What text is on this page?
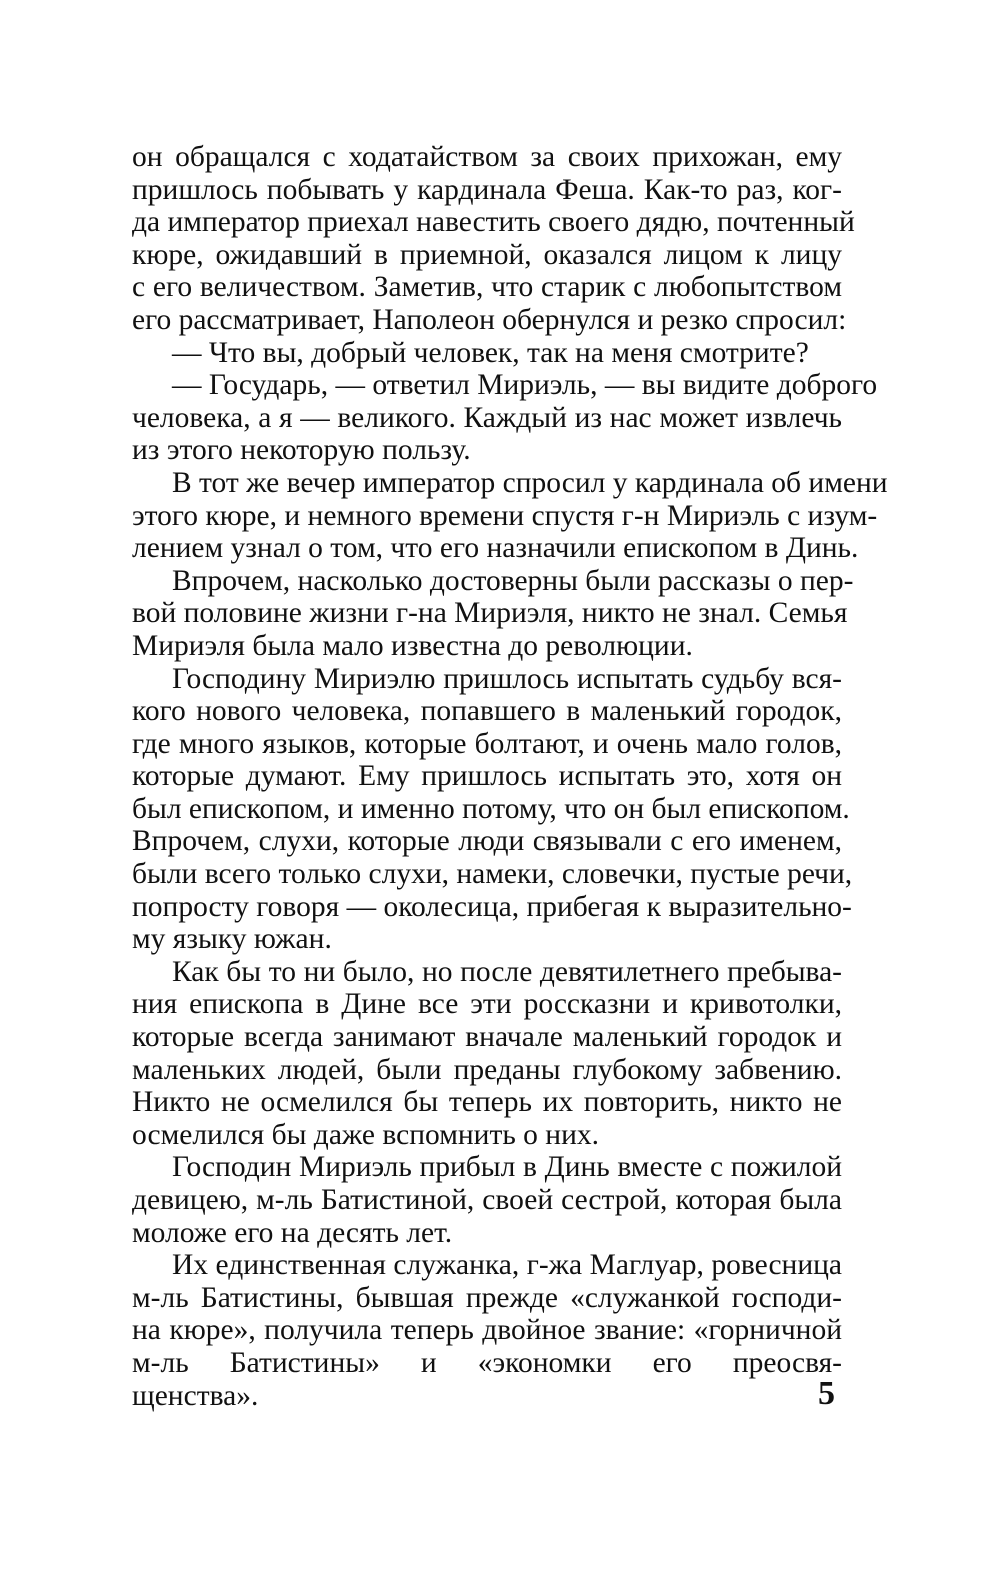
он обращался с ходатайством за своих прихожан, ему
пришлось побывать у кардинала Феша. Как-то раз, ког-
да император приехал навестить своего дядю, почтенный
кюре, ожидавший в приемной, оказался лицом к лицу
с его величеством. Заметив, что старик с любопытством
его рассматривает, Наполеон обернулся и резко спросил:
— Что вы, добрый человек, так на меня смотрите?
— Государь, — ответил Мириэль, — вы видите доброго
человека, а я — великого. Каждый из нас может извлечь
из этого некоторую пользу.
В тот же вечер император спросил у кардинала об имени
этого кюре, и немного времени спустя г-н Мириэль с изум-
лением узнал о том, что его назначили епископом в Динь.
Впрочем, насколько достоверны были рассказы о пер-
вой половине жизни г-на Мириэля, никто не знал. Семья
Мириэля была мало известна до революции.
Господину Мириэлю пришлось испытать судьбу вся-
кого нового человека, попавшего в маленький городок,
где много языков, которые болтают, и очень мало голов,
которые думают. Ему пришлось испытать это, хотя он
был епископом, и именно потому, что он был епископом.
Впрочем, слухи, которые люди связывали с его именем,
были всего только слухи, намеки, словечки, пустые речи,
попросту говоря — околесица, прибегая к выразительно-
му языку южан.
Как бы то ни было, но после девятилетнего пребыва-
ния епископа в Дине все эти россказни и кривотолки,
которые всегда занимают вначале маленький городок и
маленьких людей, были преданы глубокому забвению.
Никто не осмелился бы теперь их повторить, никто не
осмелился бы даже вспомнить о них.
Господин Мириэль прибыл в Динь вместе с пожилой
девицею, м-ль Батистиной, своей сестрой, которая была
моложе его на десять лет.
Их единственная служанка, г-жа Маглуар, ровесница
м-ль Батистины, бывшая прежде «служанкой господи-
на кюре», получила теперь двойное звание: «горничной
м-ль Батистины» и «экономки его преосвя-
щенства».	5
